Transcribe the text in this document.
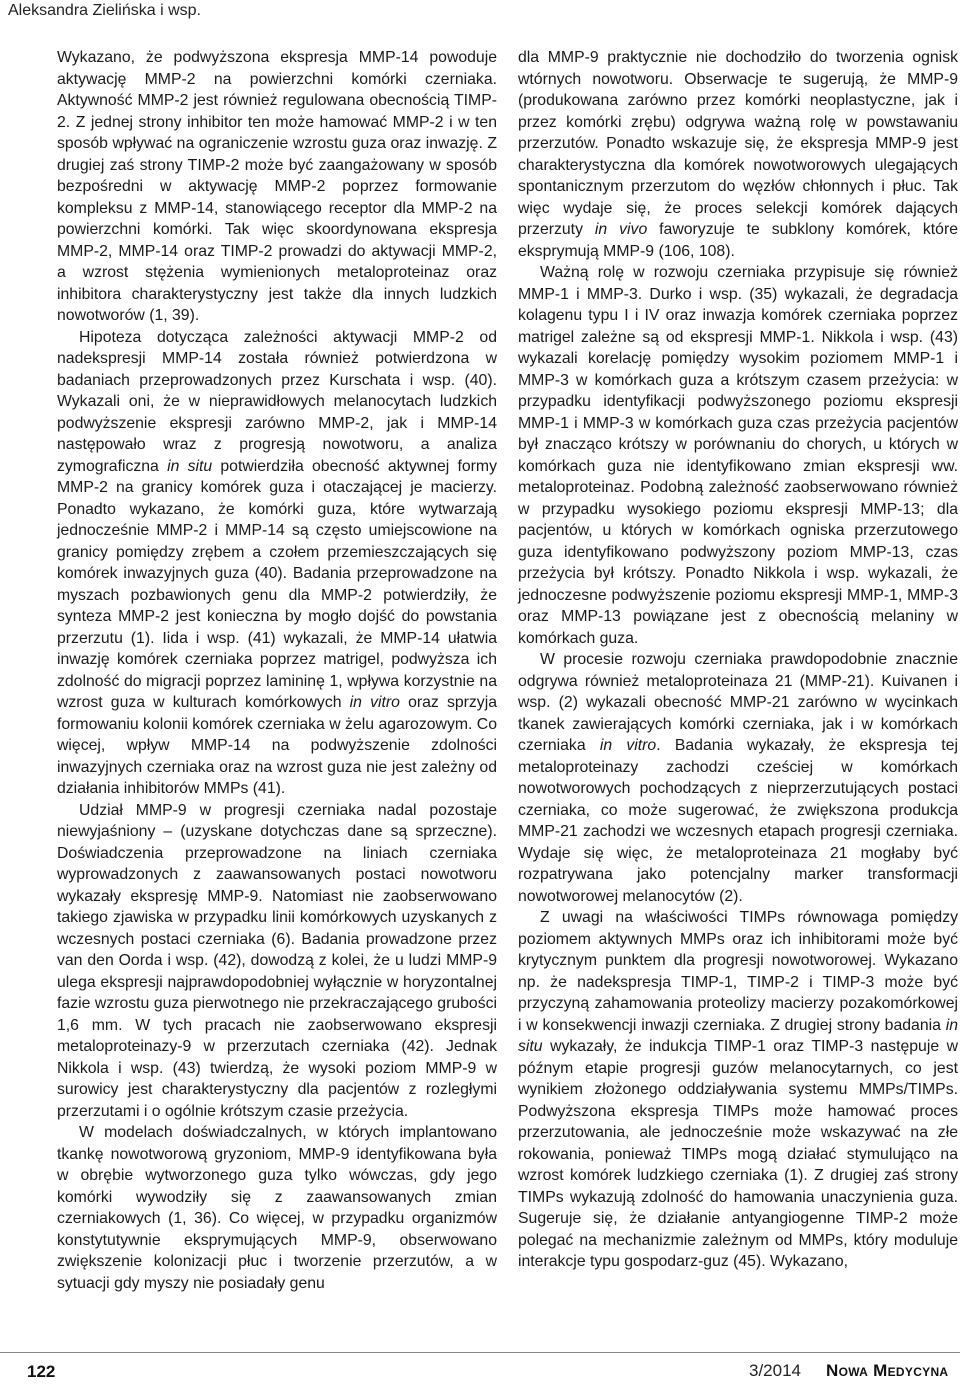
Aleksandra Zielińska i wsp.

Wykazano, że podwyższona ekspresja MMP-14 powoduje aktywację MMP-2 na powierzchni komórki czerniaka. Aktywność MMP-2 jest również regulowana obecnością TIMP-2. Z jednej strony inhibitor ten może hamować MMP-2 i w ten sposób wpływać na ograniczenie wzrostu guza oraz inwazję. Z drugiej zaś strony TIMP-2 może być zaangażowany w sposób bezpośredni w aktywację MMP-2 poprzez formowanie kompleksu z MMP-14, stanowiącego receptor dla MMP-2 na powierzchni komórki. Tak więc skoordynowana ekspresja MMP-2, MMP-14 oraz TIMP-2 prowadzi do aktywacji MMP-2, a wzrost stężenia wymienionych metaloproteinaz oraz inhibitora charakterystyczny jest także dla innych ludzkich nowotworów (1, 39).

Hipoteza dotycząca zależności aktywacji MMP-2 od nadekspresji MMP-14 została również potwierdzona w badaniach przeprowadzonych przez Kurschata i wsp. (40). Wykazali oni, że w nieprawidłowych melanocytach ludzkich podwyższenie ekspresji zarówno MMP-2, jak i MMP-14 następowało wraz z progresją nowotworu, a analiza zymograficzna in situ potwierdziła obecność aktywnej formy MMP-2 na granicy komórek guza i otaczającej je macierzy. Ponadto wykazano, że komórki guza, które wytwarzają jednocześnie MMP-2 i MMP-14 są często umiejscowione na granicy pomiędzy zrębem a czołem przemieszczających się komórek inwazyjnych guza (40). Badania przeprowadzone na myszach pozbawionych genu dla MMP-2 potwierdziły, że synteza MMP-2 jest konieczna by mogło dojść do powstania przerzutu (1). Iida i wsp. (41) wykazali, że MMP-14 ułatwia inwazję komórek czerniaka poprzez matrigel, podwyższa ich zdolność do migracji poprzez lamininę 1, wpływa korzystnie na wzrost guza w kulturach komórkowych in vitro oraz sprzyja formowaniu kolonii komórek czerniaka w żelu agarozowym. Co więcej, wpływ MMP-14 na podwyższenie zdolności inwazyjnych czerniaka oraz na wzrost guza nie jest zależny od działania inhibitorów MMPs (41).

Udział MMP-9 w progresji czerniaka nadal pozostaje niewyjaśniony – (uzyskane dotychczas dane są sprzeczne). Doświadczenia przeprowadzone na liniach czerniaka wyprowadzonych z zaawansowanych postaci nowotworu wykazały ekspresję MMP-9. Natomiast nie zaobserwowano takiego zjawiska w przypadku linii komórkowych uzyskanych z wczesnych postaci czerniaka (6). Badania prowadzone przez van den Oorda i wsp. (42), dowodzą z kolei, że u ludzi MMP-9 ulega ekspresji najprawdopodobniej wyłącznie w horyzontalnej fazie wzrostu guza pierwotnego nie przekraczającego grubości 1,6 mm. W tych pracach nie zaobserwowano ekspresji metaloproteinazy-9 w przerzutach czerniaka (42). Jednak Nikkola i wsp. (43) twierdzą, że wysoki poziom MMP-9 w surowicy jest charakterystyczny dla pacjentów z rozległymi przerzutami i o ogólnie krótszym czasie przeżycia.

W modelach doświadczalnych, w których implantowano tkankę nowotworową gryzoniom, MMP-9 identyfikowana była w obrębie wytworzonego guza tylko wówczas, gdy jego komórki wywodziły się z zaawansowanych zmian czerniakowych (1, 36). Co więcej, w przypadku organizmów konstytutywnie eksprymujących MMP-9, obserwowano zwiększenie kolonizacji płuc i tworzenie przerzutów, a w sytuacji gdy myszy nie posiadały genu

dla MMP-9 praktycznie nie dochodziło do tworzenia ognisk wtórnych nowotworu. Obserwacje te sugerują, że MMP-9 (produkowana zarówno przez komórki neoplastyczne, jak i przez komórki zrębu) odgrywa ważną rolę w powstawaniu przerzutów. Ponadto wskazuje się, że ekspresja MMP-9 jest charakterystyczna dla komórek nowotworowych ulegających spontanicznym przerzutom do węzłów chłonnych i płuc. Tak więc wydaje się, że proces selekcji komórek dających przerzuty in vivo faworyzuje te subklony komórek, które eksprymują MMP-9 (106, 108).

Ważną rolę w rozwoju czerniaka przypisuje się również MMP-1 i MMP-3. Durko i wsp. (35) wykazali, że degradacja kolagenu typu I i IV oraz inwazja komórek czerniaka poprzez matrigel zależne są od ekspresji MMP-1. Nikkola i wsp. (43) wykazali korelację pomiędzy wysokim poziomem MMP-1 i MMP-3 w komórkach guza a krótszym czasem przeżycia: w przypadku identyfikacji podwyższonego poziomu ekspresji MMP-1 i MMP-3 w komórkach guza czas przeżycia pacjentów był znacząco krótszy w porównaniu do chorych, u których w komórkach guza nie identyfikowano zmian ekspresji ww. metaloproteinaz. Podobną zależność zaobserwowano również w przypadku wysokiego poziomu ekspresji MMP-13; dla pacjentów, u których w komórkach ogniska przerzutowego guza identyfikowano podwyższony poziom MMP-13, czas przeżycia był krótszy. Ponadto Nikkola i wsp. wykazali, że jednoczesne podwyższenie poziomu ekspresji MMP-1, MMP-3 oraz MMP-13 powiązane jest z obecnością melaniny w komórkach guza.

W procesie rozwoju czerniaka prawdopodobnie znacznie odgrywa również metaloproteinaza 21 (MMP-21). Kuivanen i wsp. (2) wykazali obecność MMP-21 zarówno w wycinkach tkanek zawierających komórki czerniaka, jak i w komórkach czerniaka in vitro. Badania wykazały, że ekspresja tej metaloproteinazy zachodzi cześciej w komórkach nowotworowych pochodzących z nieprzerzutujących postaci czerniaka, co może sugerować, że zwiększona produkcja MMP-21 zachodzi we wczesnych etapach progresji czerniaka. Wydaje się więc, że metaloproteinaza 21 mogłaby być rozpatrywana jako potencjalny marker transformacji nowotworowej melanocytów (2).

Z uwagi na właściwości TIMPs równowaga pomiędzy poziomem aktywnych MMPs oraz ich inhibitorami może być krytycznym punktem dla progresji nowotworowej. Wykazano np. że nadekspresja TIMP-1, TIMP-2 i TIMP-3 może być przyczyną zahamowania proteolizy macierzy pozakomórkowej i w konsekwencji inwazji czerniaka. Z drugiej strony badania in situ wykazały, że indukcja TIMP-1 oraz TIMP-3 następuje w późnym etapie progresji guzów melanocytarnych, co jest wynikiem złożonego oddziaływania systemu MMPs/TIMPs. Podwyższona ekspresja TIMPs może hamować proces przerzutowania, ale jednocześnie może wskazywać na złe rokowania, ponieważ TIMPs mogą działać stymulująco na wzrost komórek ludzkiego czerniaka (1). Z drugiej zaś strony TIMPs wykazują zdolność do hamowania unaczynienia guza. Sugeruje się, że działanie antyangiogenne TIMP-2 może polegać na mechanizmie zależnym od MMPs, który moduluje interakcje typu gospodarz-guz (45). Wykazano,

122	3/2014 Nowa Medycyna
